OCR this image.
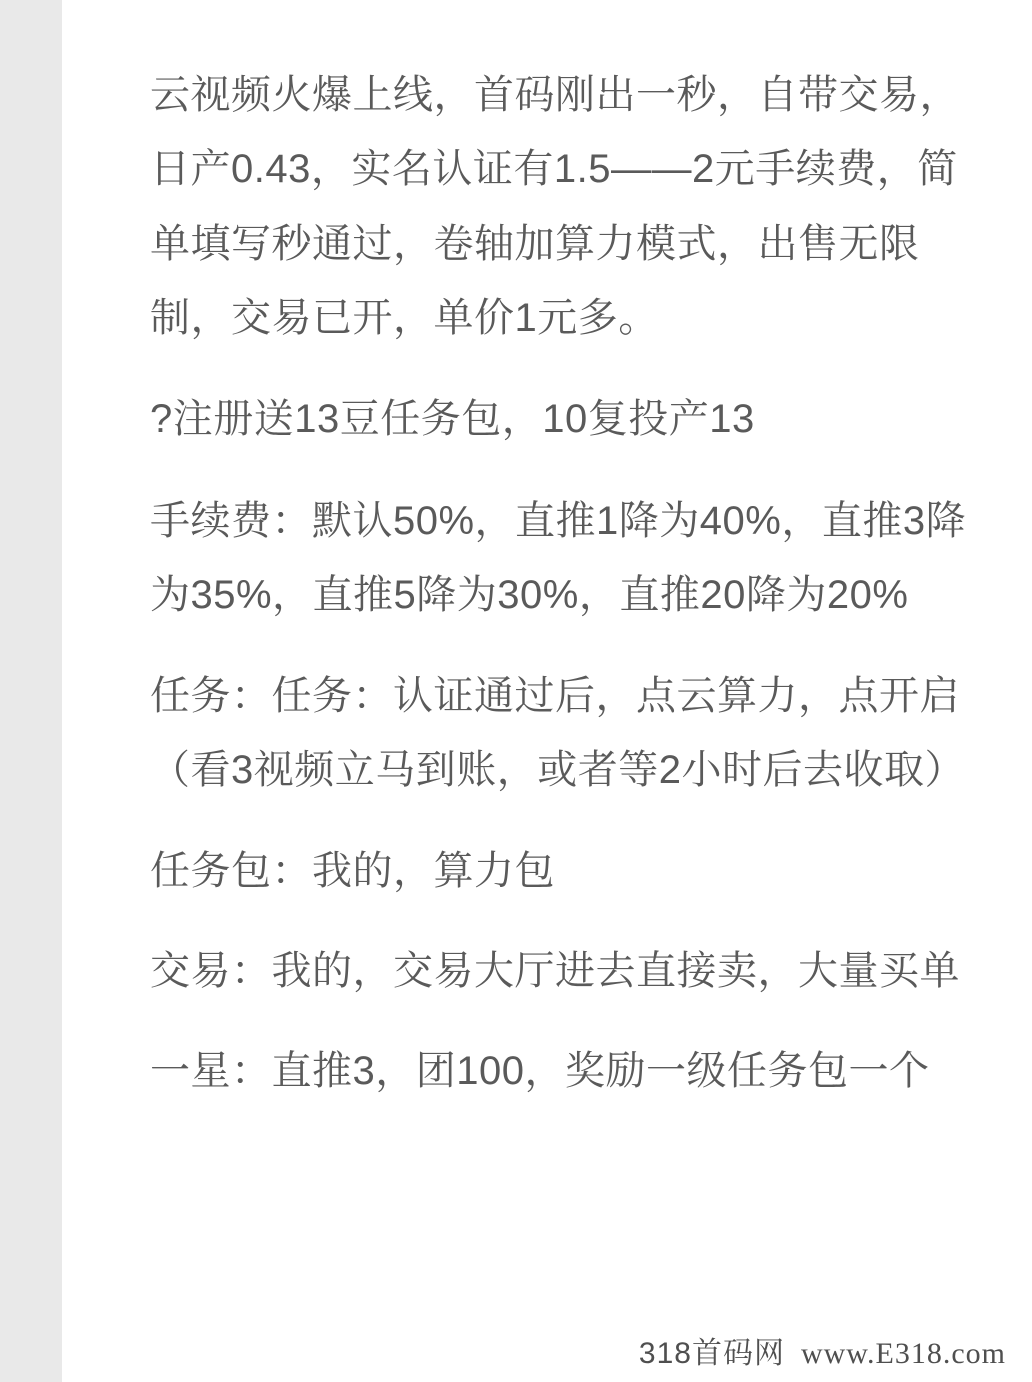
云视频火爆上线，首码刚出一秒，自带交易，日产0.43，实名认证有1.5——2元手续费，简单填写秒通过，卷轴加算力模式，出售无限制，交易已开，单价1元多。

?注册送13豆任务包，10复投产13

手续费：默认50%，直推1降为40%，直推3降为35%，直推5降为30%，直推20降为20%

任务：任务：认证通过后，点云算力，点开启（看3视频立马到账，或者等2小时后去收取）

任务包：我的，算力包

交易：我的，交易大厅进去直接卖，大量买单

一星：直推3，团100，奖励一级任务包一个

318首码网 www.E318.com
